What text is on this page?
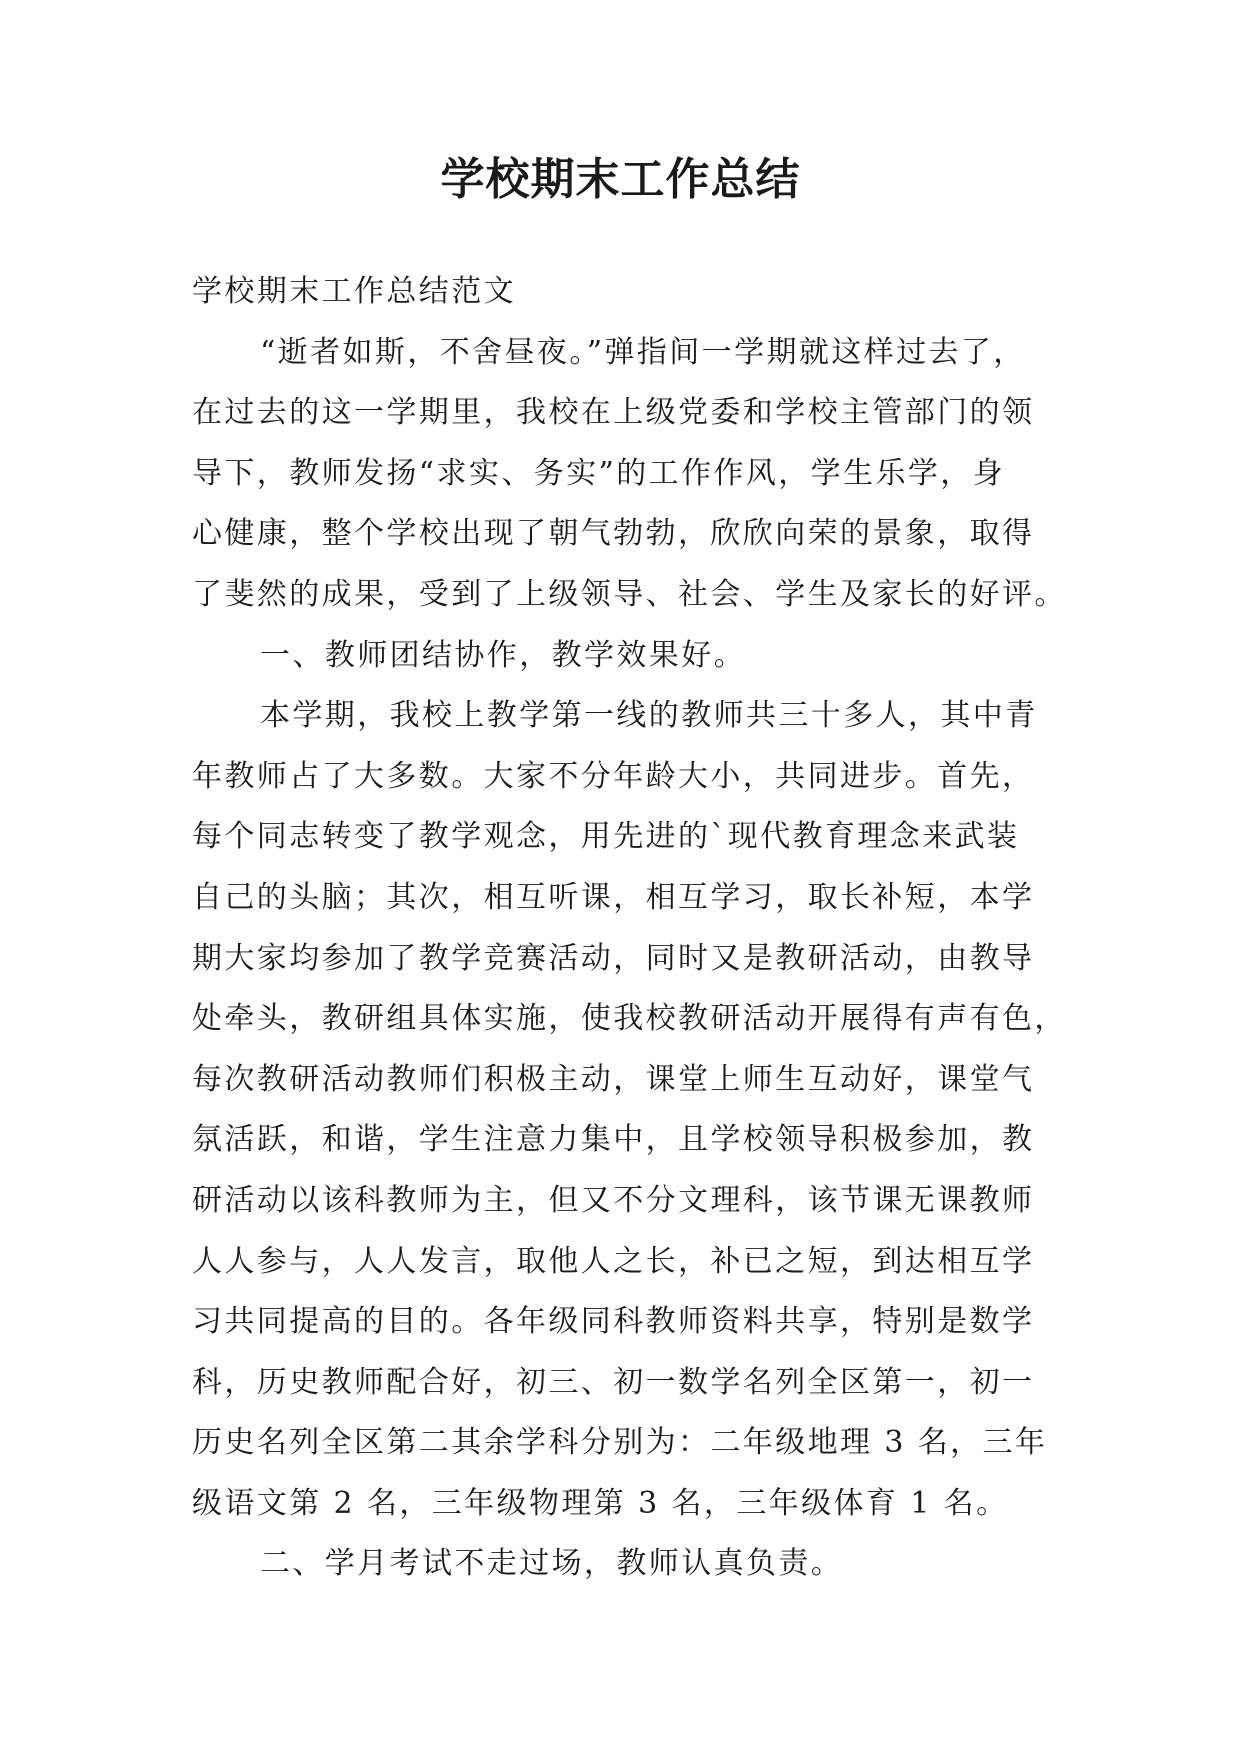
学校期末工作总结
学校期末工作总结范文
“逝者如斯，不舍昼夜。”弹指间一学期就这样过去了，
在过去的这一学期里，我校在上级党委和学校主管部门的领
导下，教师发扬“求实、务实”的工作作风，学生乐学，身
心健康，整个学校出现了朝气勃勃，欣欣向荣的景象，取得
了斐然的成果，受到了上级领导、社会、学生及家长的好评。
一、教师团结协作，教学效果好。
本学期，我校上教学第一线的教师共三十多人，其中青
年教师占了大多数。大家不分年龄大小，共同进步。首先，
每个同志转变了教学观念，用先进的`现代教育理念来武装
自己的头脑；其次，相互听课，相互学习，取长补短，本学
期大家均参加了教学竞赛活动，同时又是教研活动，由教导
处牵头，教研组具体实施，使我校教研活动开展得有声有色，
每次教研活动教师们积极主动，课堂上师生互动好，课堂气
氛活跃，和谐，学生注意力集中，且学校领导积极参加，教
研活动以该科教师为主，但又不分文理科，该节课无课教师
人人参与，人人发言，取他人之长，补已之短，到达相互学
习共同提高的目的。各年级同科教师资料共享，特别是数学
科，历史教师配合好，初三、初一数学名列全区第一，初一
历史名列全区第二其余学科分别为：二年级地理 3 名，三年
级语文第 2 名，三年级物理第 3 名，三年级体育 1 名。
二、学月考试不走过场，教师认真负责。
